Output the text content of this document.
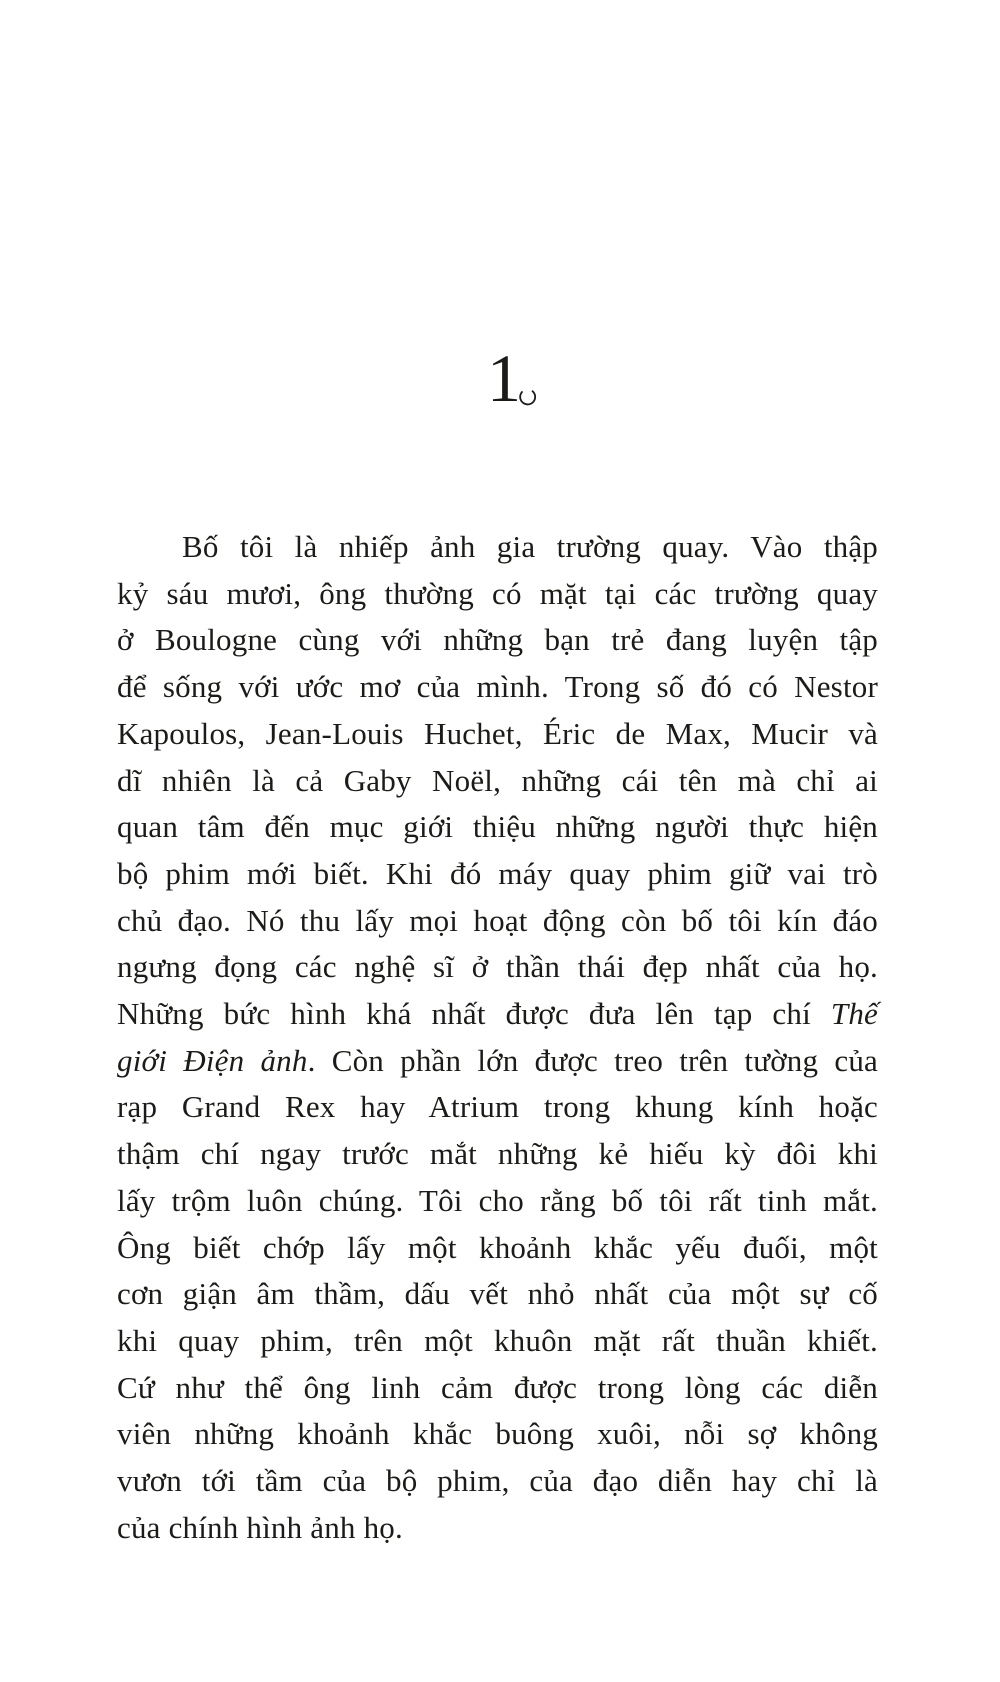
1
Bố tôi là nhiếp ảnh gia trường quay. Vào thập
kỷ sáu mươi, ông thường có mặt tại các trường quay
ở Boulogne cùng với những bạn trẻ đang luyện tập
để sống với ước mơ của mình. Trong số đó có Nestor
Kapoulos, Jean-Louis Huchet, Éric de Max, Mucir và
dĩ nhiên là cả Gaby Noël, những cái tên mà chỉ ai
quan tâm đến mục giới thiệu những người thực hiện
bộ phim mới biết. Khi đó máy quay phim giữ vai trò
chủ đạo. Nó thu lấy mọi hoạt động còn bố tôi kín đáo
ngưng đọng các nghệ sĩ ở thần thái đẹp nhất của họ.
Những bức hình khá nhất được đưa lên tạp chí Thế
giới Điện ảnh. Còn phần lớn được treo trên tường của
rạp Grand Rex hay Atrium trong khung kính hoặc
thậm chí ngay trước mắt những kẻ hiếu kỳ đôi khi
lấy trộm luôn chúng. Tôi cho rằng bố tôi rất tinh mắt.
Ông biết chớp lấy một khoảnh khắc yếu đuối, một
cơn giận âm thầm, dấu vết nhỏ nhất của một sự cố
khi quay phim, trên một khuôn mặt rất thuần khiết.
Cứ như thể ông linh cảm được trong lòng các diễn
viên những khoảnh khắc buông xuôi, nỗi sợ không
vươn tới tầm của bộ phim, của đạo diễn hay chỉ là
của chính hình ảnh họ.
